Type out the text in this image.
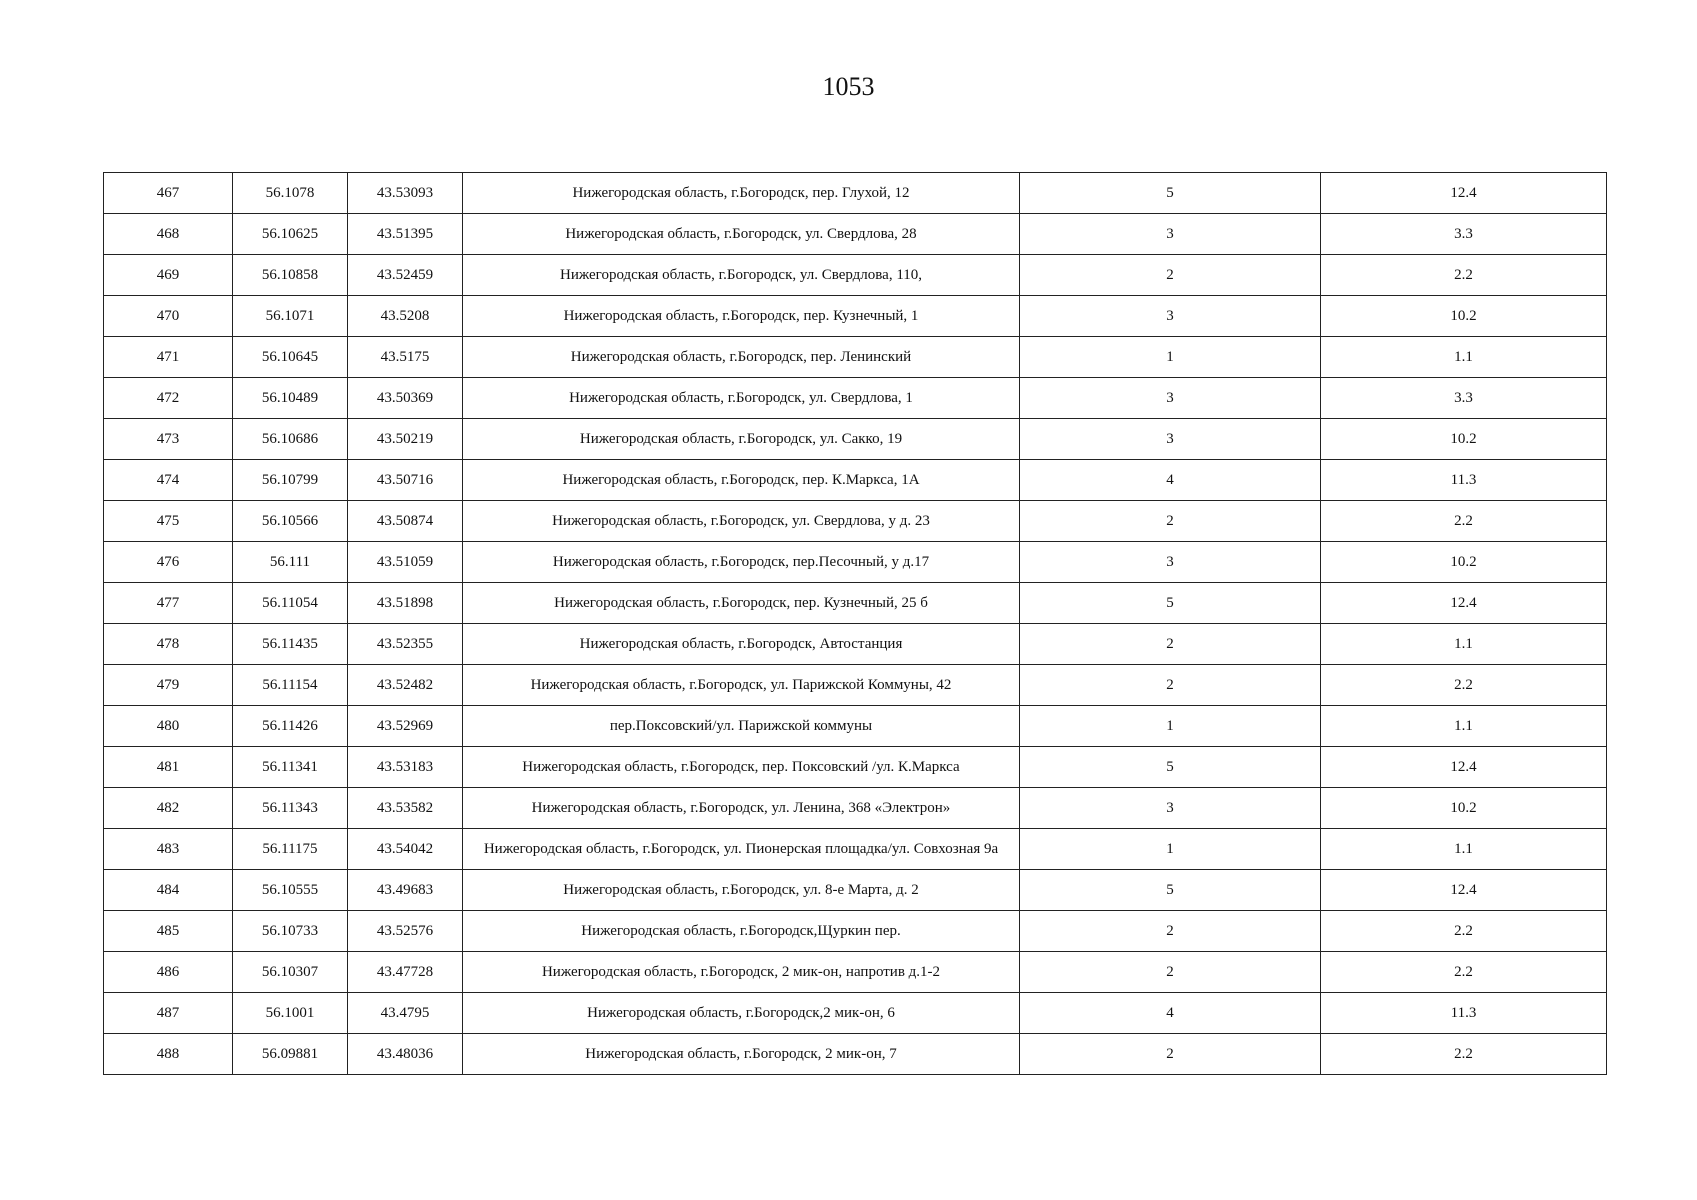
1053
467	56.1078	43.53093	Нижегородская область, г.Богородск, пер. Глухой, 12	5	12.4
468	56.10625	43.51395	Нижегородская область, г.Богородск, ул. Свердлова, 28	3	3.3
469	56.10858	43.52459	Нижегородская область, г.Богородск, ул. Свердлова, 110,	2	2.2
470	56.1071	43.5208	Нижегородская область, г.Богородск, пер. Кузнечный, 1	3	10.2
471	56.10645	43.5175	Нижегородская область, г.Богородск, пер. Ленинский	1	1.1
472	56.10489	43.50369	Нижегородская область, г.Богородск, ул. Свердлова, 1	3	3.3
473	56.10686	43.50219	Нижегородская область, г.Богородск, ул. Сакко, 19	3	10.2
474	56.10799	43.50716	Нижегородская область, г.Богородск, пер. К.Маркса, 1А	4	11.3
475	56.10566	43.50874	Нижегородская область, г.Богородск, ул. Свердлова, у д. 23	2	2.2
476	56.111	43.51059	Нижегородская область, г.Богородск, пер.Песочный, у д.17	3	10.2
477	56.11054	43.51898	Нижегородская область, г.Богородск, пер. Кузнечный, 25 б	5	12.4
478	56.11435	43.52355	Нижегородская область, г.Богородск, Автостанция	2	1.1
479	56.11154	43.52482	Нижегородская область, г.Богородск, ул. Парижской Коммуны, 42	2	2.2
480	56.11426	43.52969	пер.Поксовский/ул. Парижской коммуны	1	1.1
481	56.11341	43.53183	Нижегородская область, г.Богородск, пер. Поксовский /ул. К.Маркса	5	12.4
482	56.11343	43.53582	Нижегородская область, г.Богородск, ул. Ленина, 368 «Электрон»	3	10.2
483	56.11175	43.54042	Нижегородская область, г.Богородск, ул. Пионерская площадка/ул. Совхозная 9а	1	1.1
484	56.10555	43.49683	Нижегородская область, г.Богородск, ул. 8-е Марта, д. 2	5	12.4
485	56.10733	43.52576	Нижегородская область, г.Богородск,Щуркин пер.	2	2.2
486	56.10307	43.47728	Нижегородская область, г.Богородск, 2 мик-он, напротив д.1-2	2	2.2
487	56.1001	43.4795	Нижегородская область, г.Богородск,2 мик-он, 6	4	11.3
488	56.09881	43.48036	Нижегородская область, г.Богородск, 2 мик-он, 7	2	2.2
